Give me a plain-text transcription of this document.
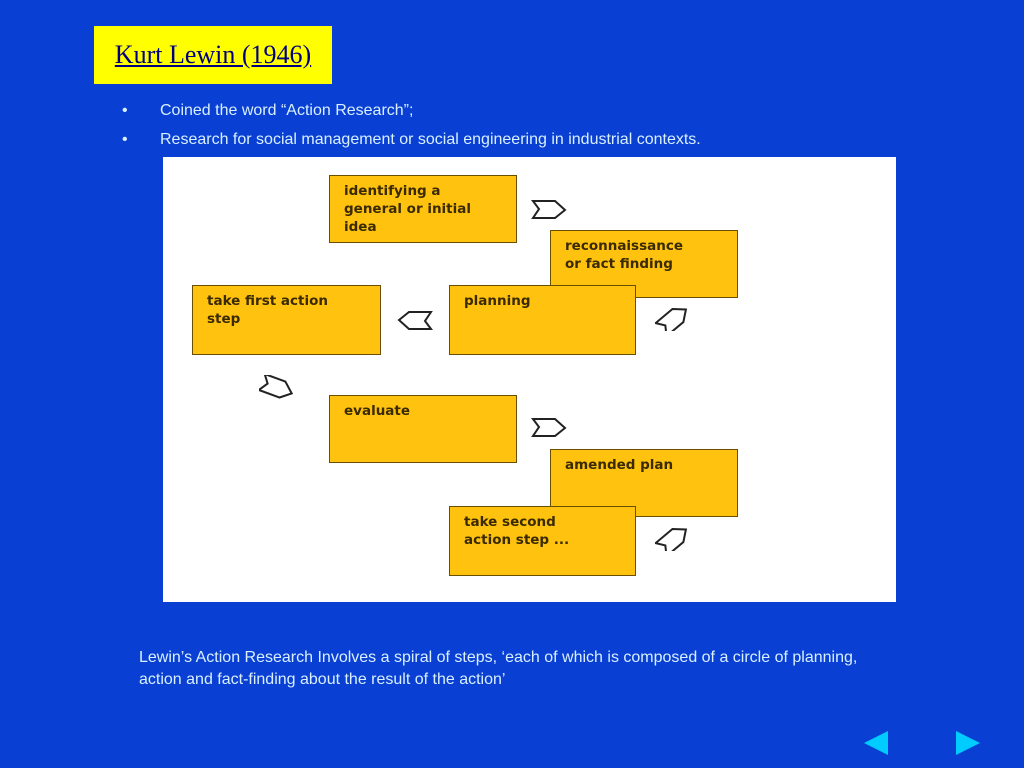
Kurt Lewin (1946)
• Coined the word “Action Research”;
• Research for social management or social engineering in industrial contexts.
identifying a
general or initial
idea
reconnaissance
or fact finding
planning
take first action
step
evaluate
amended plan
take second
action step ...
Lewin’s Action Research Involves a spiral of steps, ‘each of which is composed of a circle of planning, action and fact-finding about the result of the action’
